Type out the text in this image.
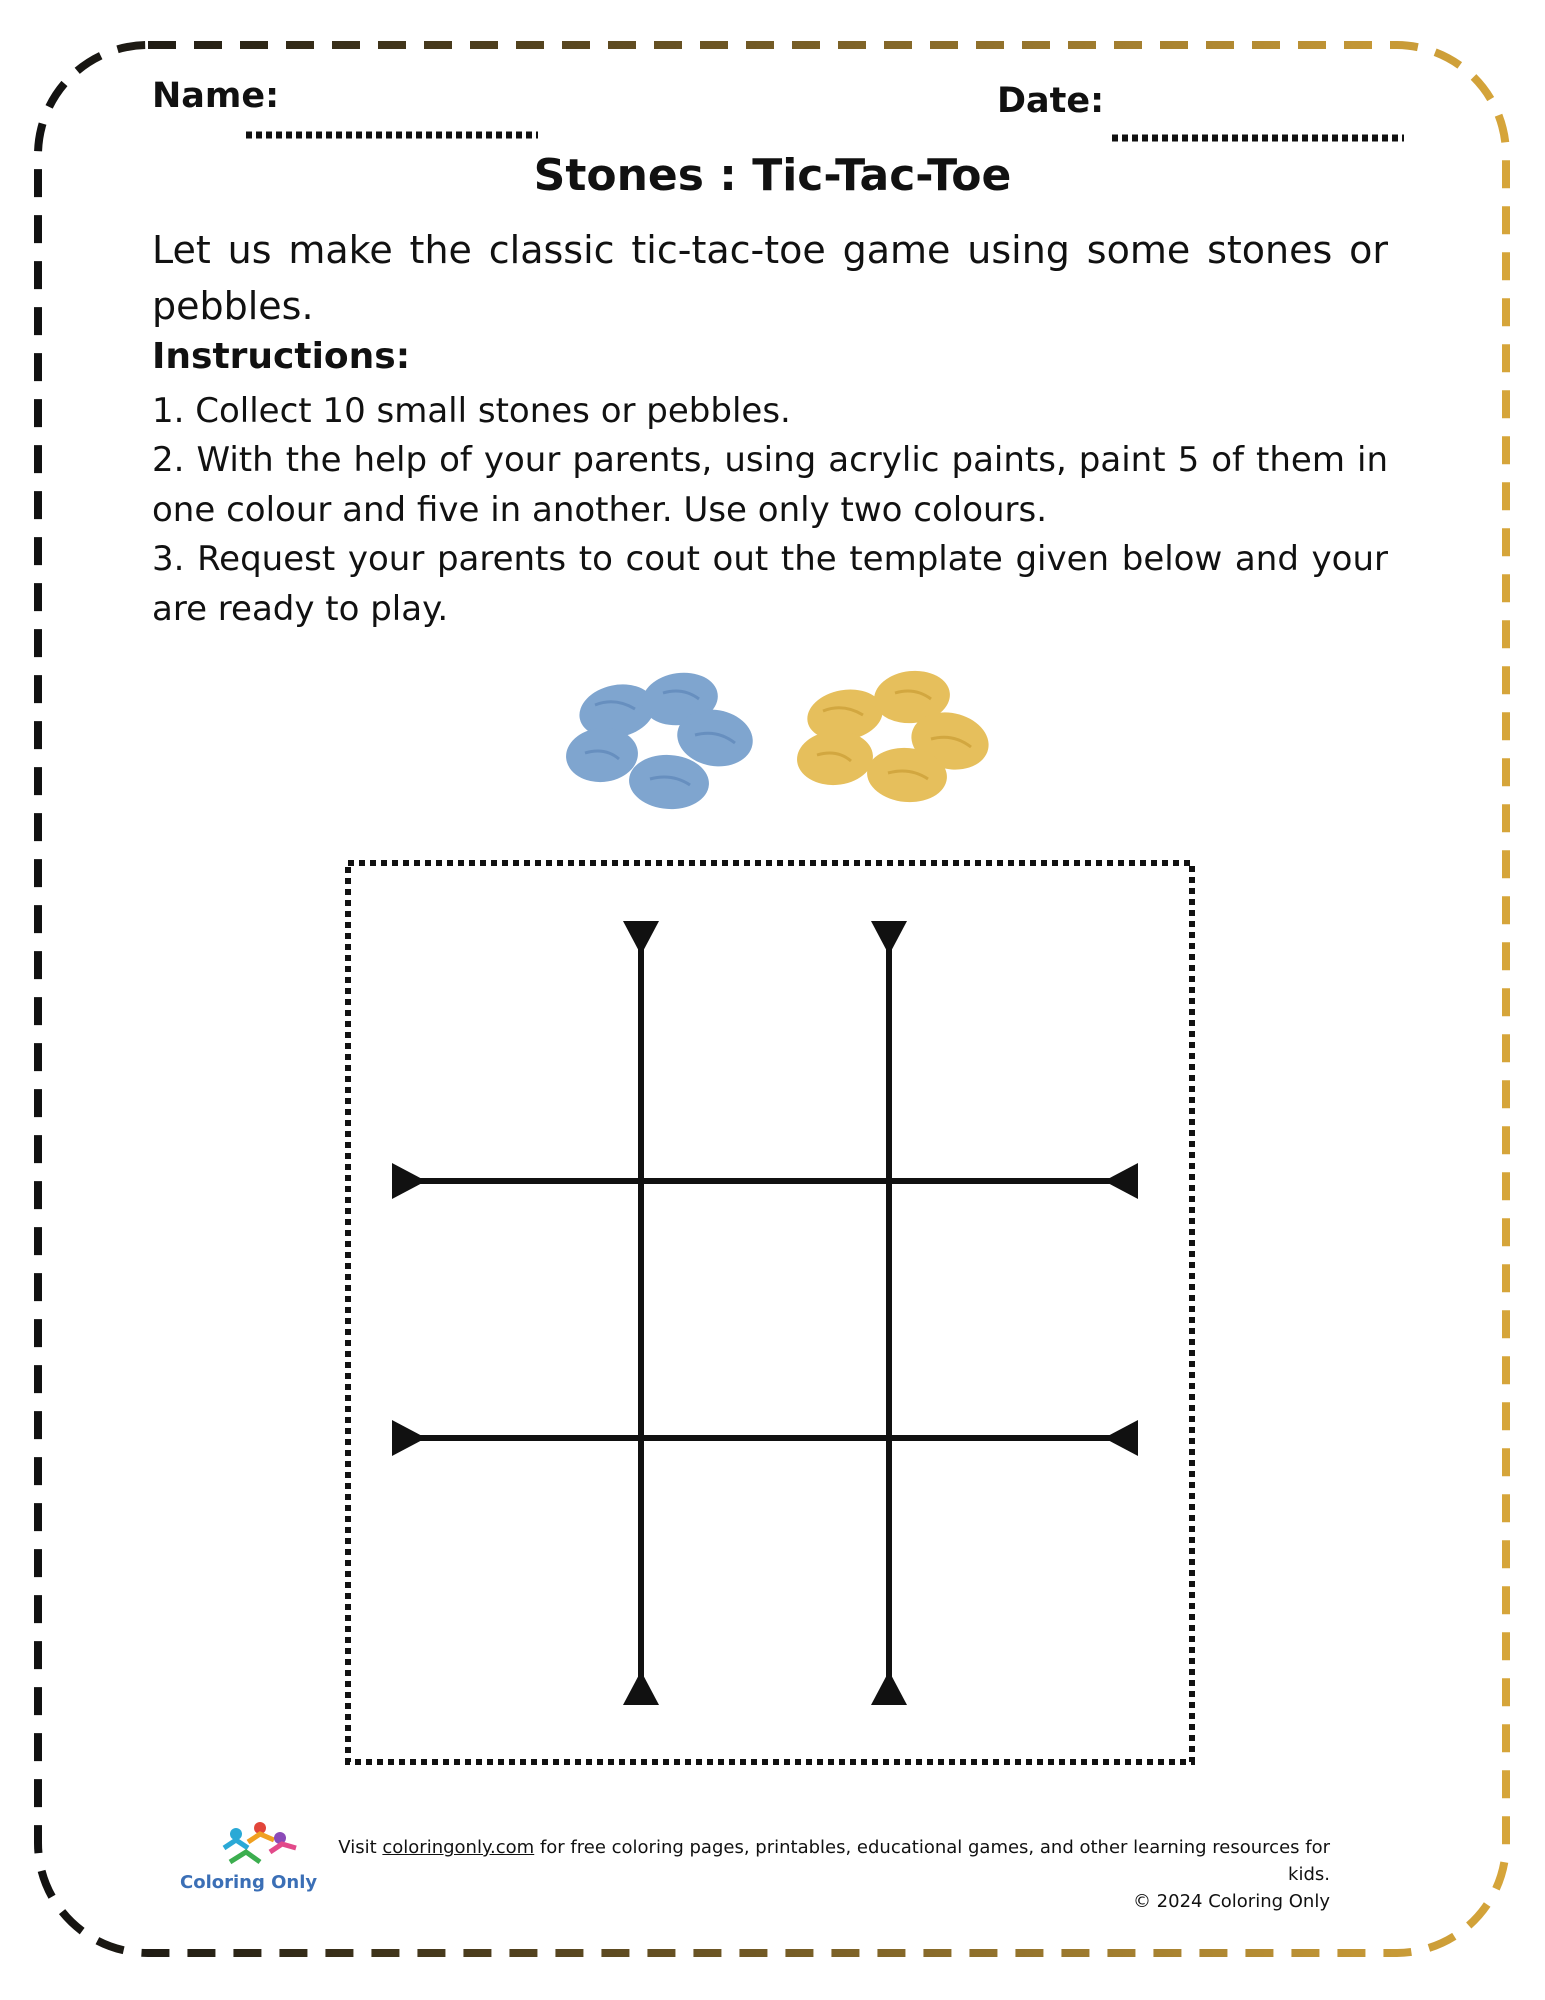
Name:	Date:
Stones : Tic-Tac-Toe
Let us make the classic tic-tac-toe game using some stones or pebbles.
Instructions:
1. Collect 10 small stones or pebbles.
2. With the help of your parents, using acrylic paints, paint 5 of them in one colour and five in another. Use only two colours.
3. Request your parents to cout out the template given below and your are ready to play.
Coloring Only
Visit coloringonly.com for free coloring pages, printables, educational games, and other learning resources for kids.
© 2024 Coloring Only
